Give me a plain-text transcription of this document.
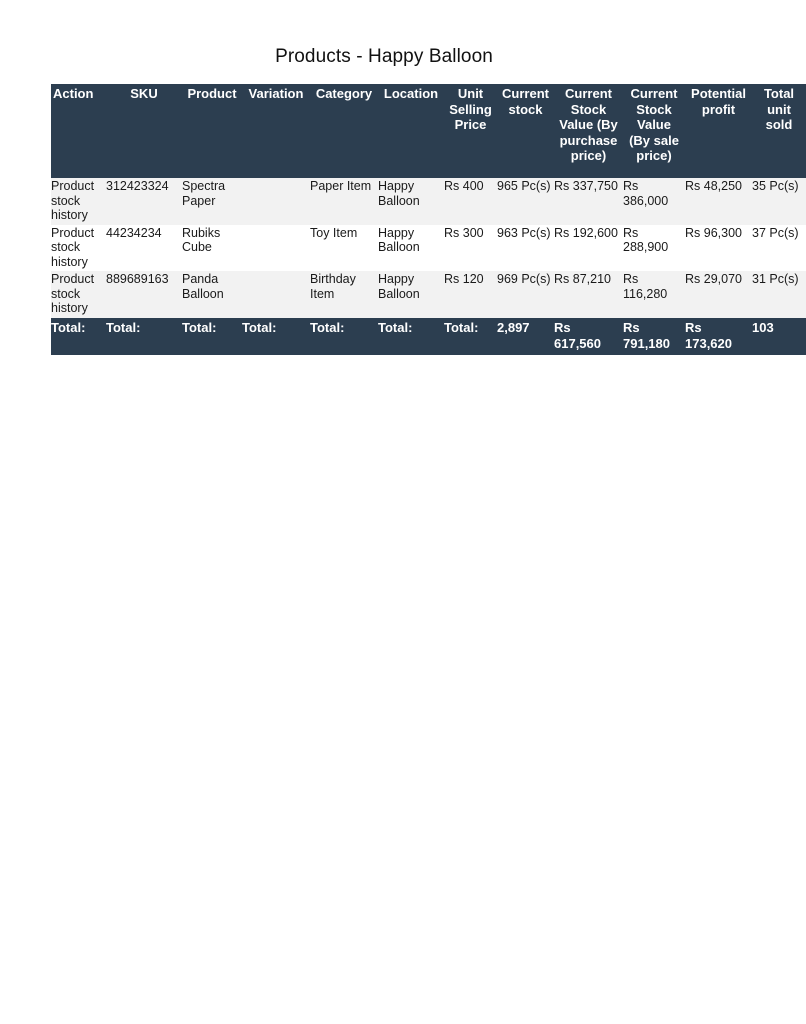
Products - Happy Balloon
Action	SKU	Product	Variation	Category	Location	Unit Selling Price	Current stock	Current Stock Value (By purchase price)	Current Stock Value (By sale price)	Potential profit	Total unit sold
Product stock history	312423324	Spectra Paper		Paper Item	Happy Balloon	Rs 400	965 Pc(s)	Rs 337,750	Rs 386,000	Rs 48,250	35 Pc(s)
Product stock history	44234234	Rubiks Cube		Toy Item	Happy Balloon	Rs 300	963 Pc(s)	Rs 192,600	Rs 288,900	Rs 96,300	37 Pc(s)
Product stock history	889689163	Panda Balloon		Birthday Item	Happy Balloon	Rs 120	969 Pc(s)	Rs 87,210	Rs 116,280	Rs 29,070	31 Pc(s)
Total:	Total:	Total:	Total:	Total:	Total:	Total:	2,897	Rs 617,560	Rs 791,180	Rs 173,620	103
